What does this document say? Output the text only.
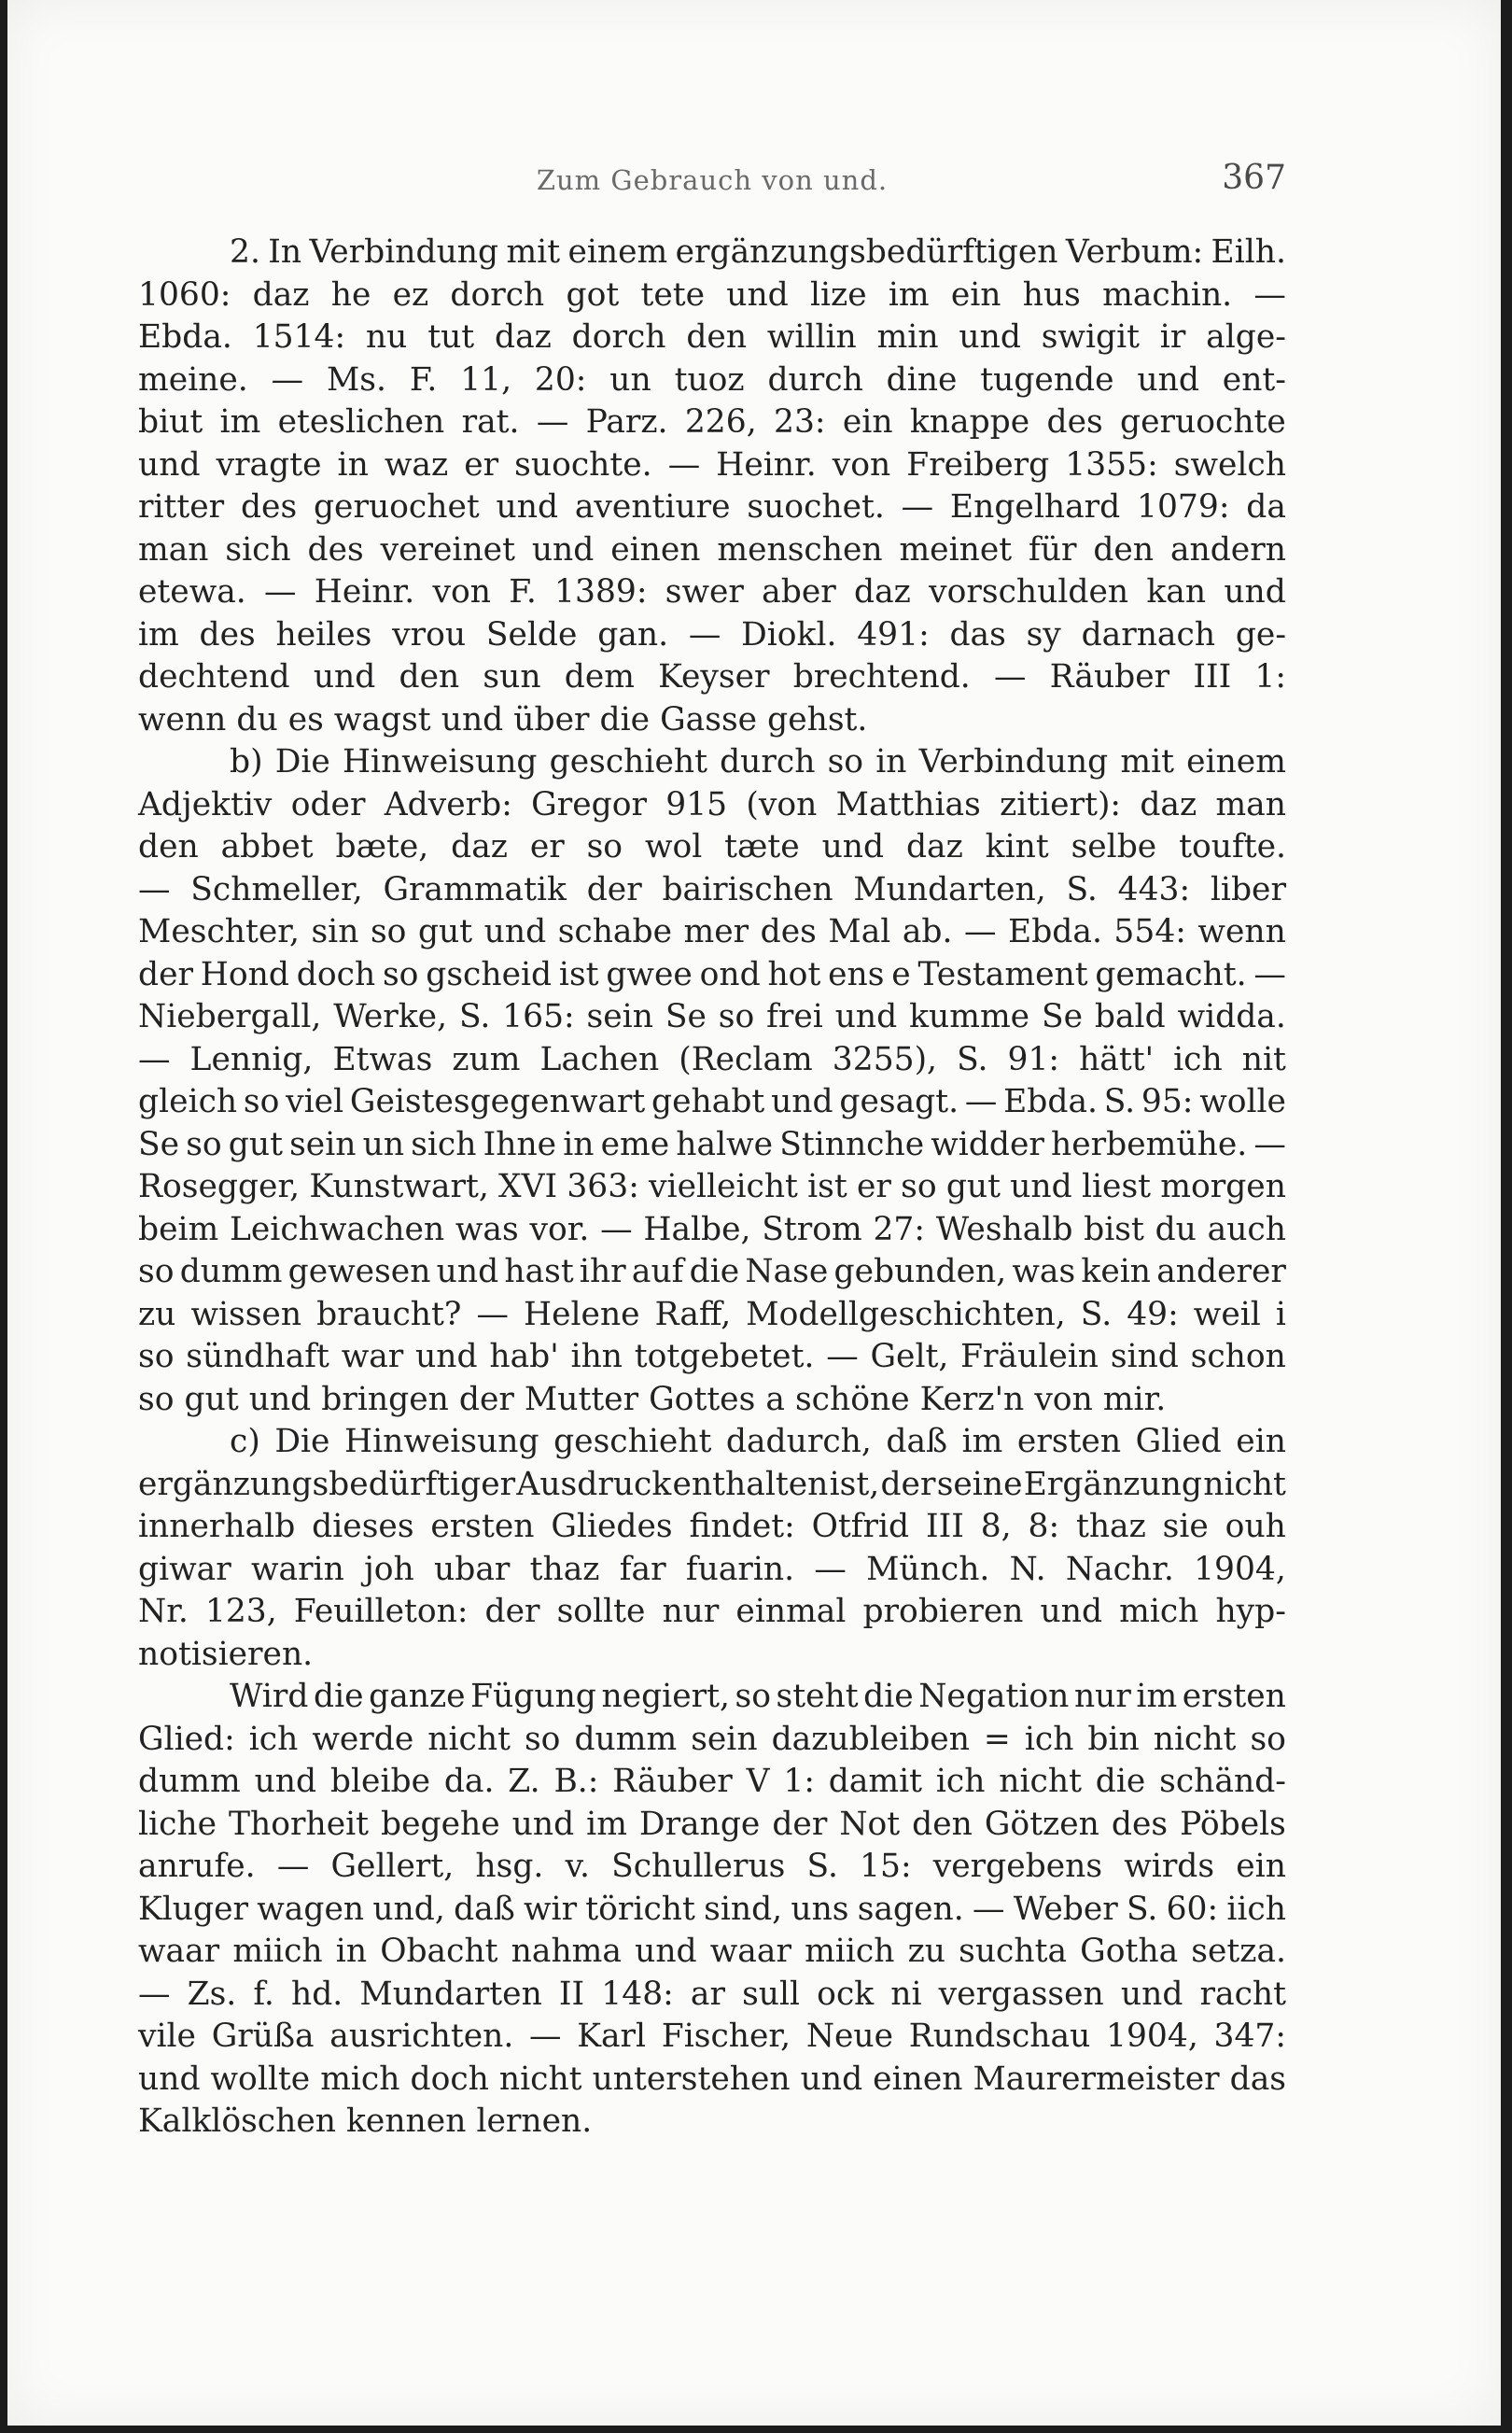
Zum Gebrauch von und.	367
2. In Verbindung mit einem ergänzungsbedürftigen Verbum: Eilh.
1060: daz he ez dorch got tete und lize im ein hus machin. —
Ebda. 1514: nu tut daz dorch den willin min und swigit ir alge-
meine. — Ms. F. 11, 20: un tuoz durch dine tugende und ent-
biut im eteslichen rat. — Parz. 226, 23: ein knappe des geruochte
und vragte in waz er suochte. — Heinr. von Freiberg 1355: swelch
ritter des geruochet und aventiure suochet. — Engelhard 1079: da
man sich des vereinet und einen menschen meinet für den andern
etewa. — Heinr. von F. 1389: swer aber daz vorschulden kan und
im des heiles vrou Selde gan. — Diokl. 491: das sy darnach ge-
dechtend und den sun dem Keyser brechtend. — Räuber III 1:
wenn du es wagst und über die Gasse gehst.
b) Die Hinweisung geschieht durch so in Verbindung mit einem
Adjektiv oder Adverb: Gregor 915 (von Matthias zitiert): daz man
den abbet bæte, daz er so wol tæte und daz kint selbe toufte.
— Schmeller, Grammatik der bairischen Mundarten, S. 443: liber
Meschter, sin so gut und schabe mer des Mal ab. — Ebda. 554: wenn
der Hond doch so gscheid ist gwee ond hot ens e Testament gemacht. —
Niebergall, Werke, S. 165: sein Se so frei und kumme Se bald widda.
— Lennig, Etwas zum Lachen (Reclam 3255), S. 91: hätt' ich nit
gleich so viel Geistesgegenwart gehabt und gesagt. — Ebda. S. 95: wolle
Se so gut sein un sich Ihne in eme halwe Stinnche widder herbemühe. —
Rosegger, Kunstwart, XVI 363: vielleicht ist er so gut und liest morgen
beim Leichwachen was vor. — Halbe, Strom 27: Weshalb bist du auch
so dumm gewesen und hast ihr auf die Nase gebunden, was kein anderer
zu wissen braucht? — Helene Raff, Modellgeschichten, S. 49: weil i
so sündhaft war und hab' ihn totgebetet. — Gelt, Fräulein sind schon
so gut und bringen der Mutter Gottes a schöne Kerz'n von mir.
c) Die Hinweisung geschieht dadurch, daß im ersten Glied ein
ergänzungsbedürftiger Ausdruck enthalten ist, der seine Ergänzung nicht
innerhalb dieses ersten Gliedes findet: Otfrid III 8, 8: thaz sie ouh
giwar warin joh ubar thaz far fuarin. — Münch. N. Nachr. 1904,
Nr. 123, Feuilleton: der sollte nur einmal probieren und mich hyp-
notisieren.
Wird die ganze Fügung negiert, so steht die Negation nur im ersten
Glied: ich werde nicht so dumm sein dazubleiben = ich bin nicht so
dumm und bleibe da. Z. B.: Räuber V 1: damit ich nicht die schänd-
liche Thorheit begehe und im Drange der Not den Götzen des Pöbels
anrufe. — Gellert, hsg. v. Schullerus S. 15: vergebens wirds ein
Kluger wagen und, daß wir töricht sind, uns sagen. — Weber S. 60: iich
waar miich in Obacht nahma und waar miich zu suchta Gotha setza.
— Zs. f. hd. Mundarten II 148: ar sull ock ni vergassen und racht
vile Grüßa ausrichten. — Karl Fischer, Neue Rundschau 1904, 347:
und wollte mich doch nicht unterstehen und einen Maurermeister das
Kalklöschen kennen lernen.
